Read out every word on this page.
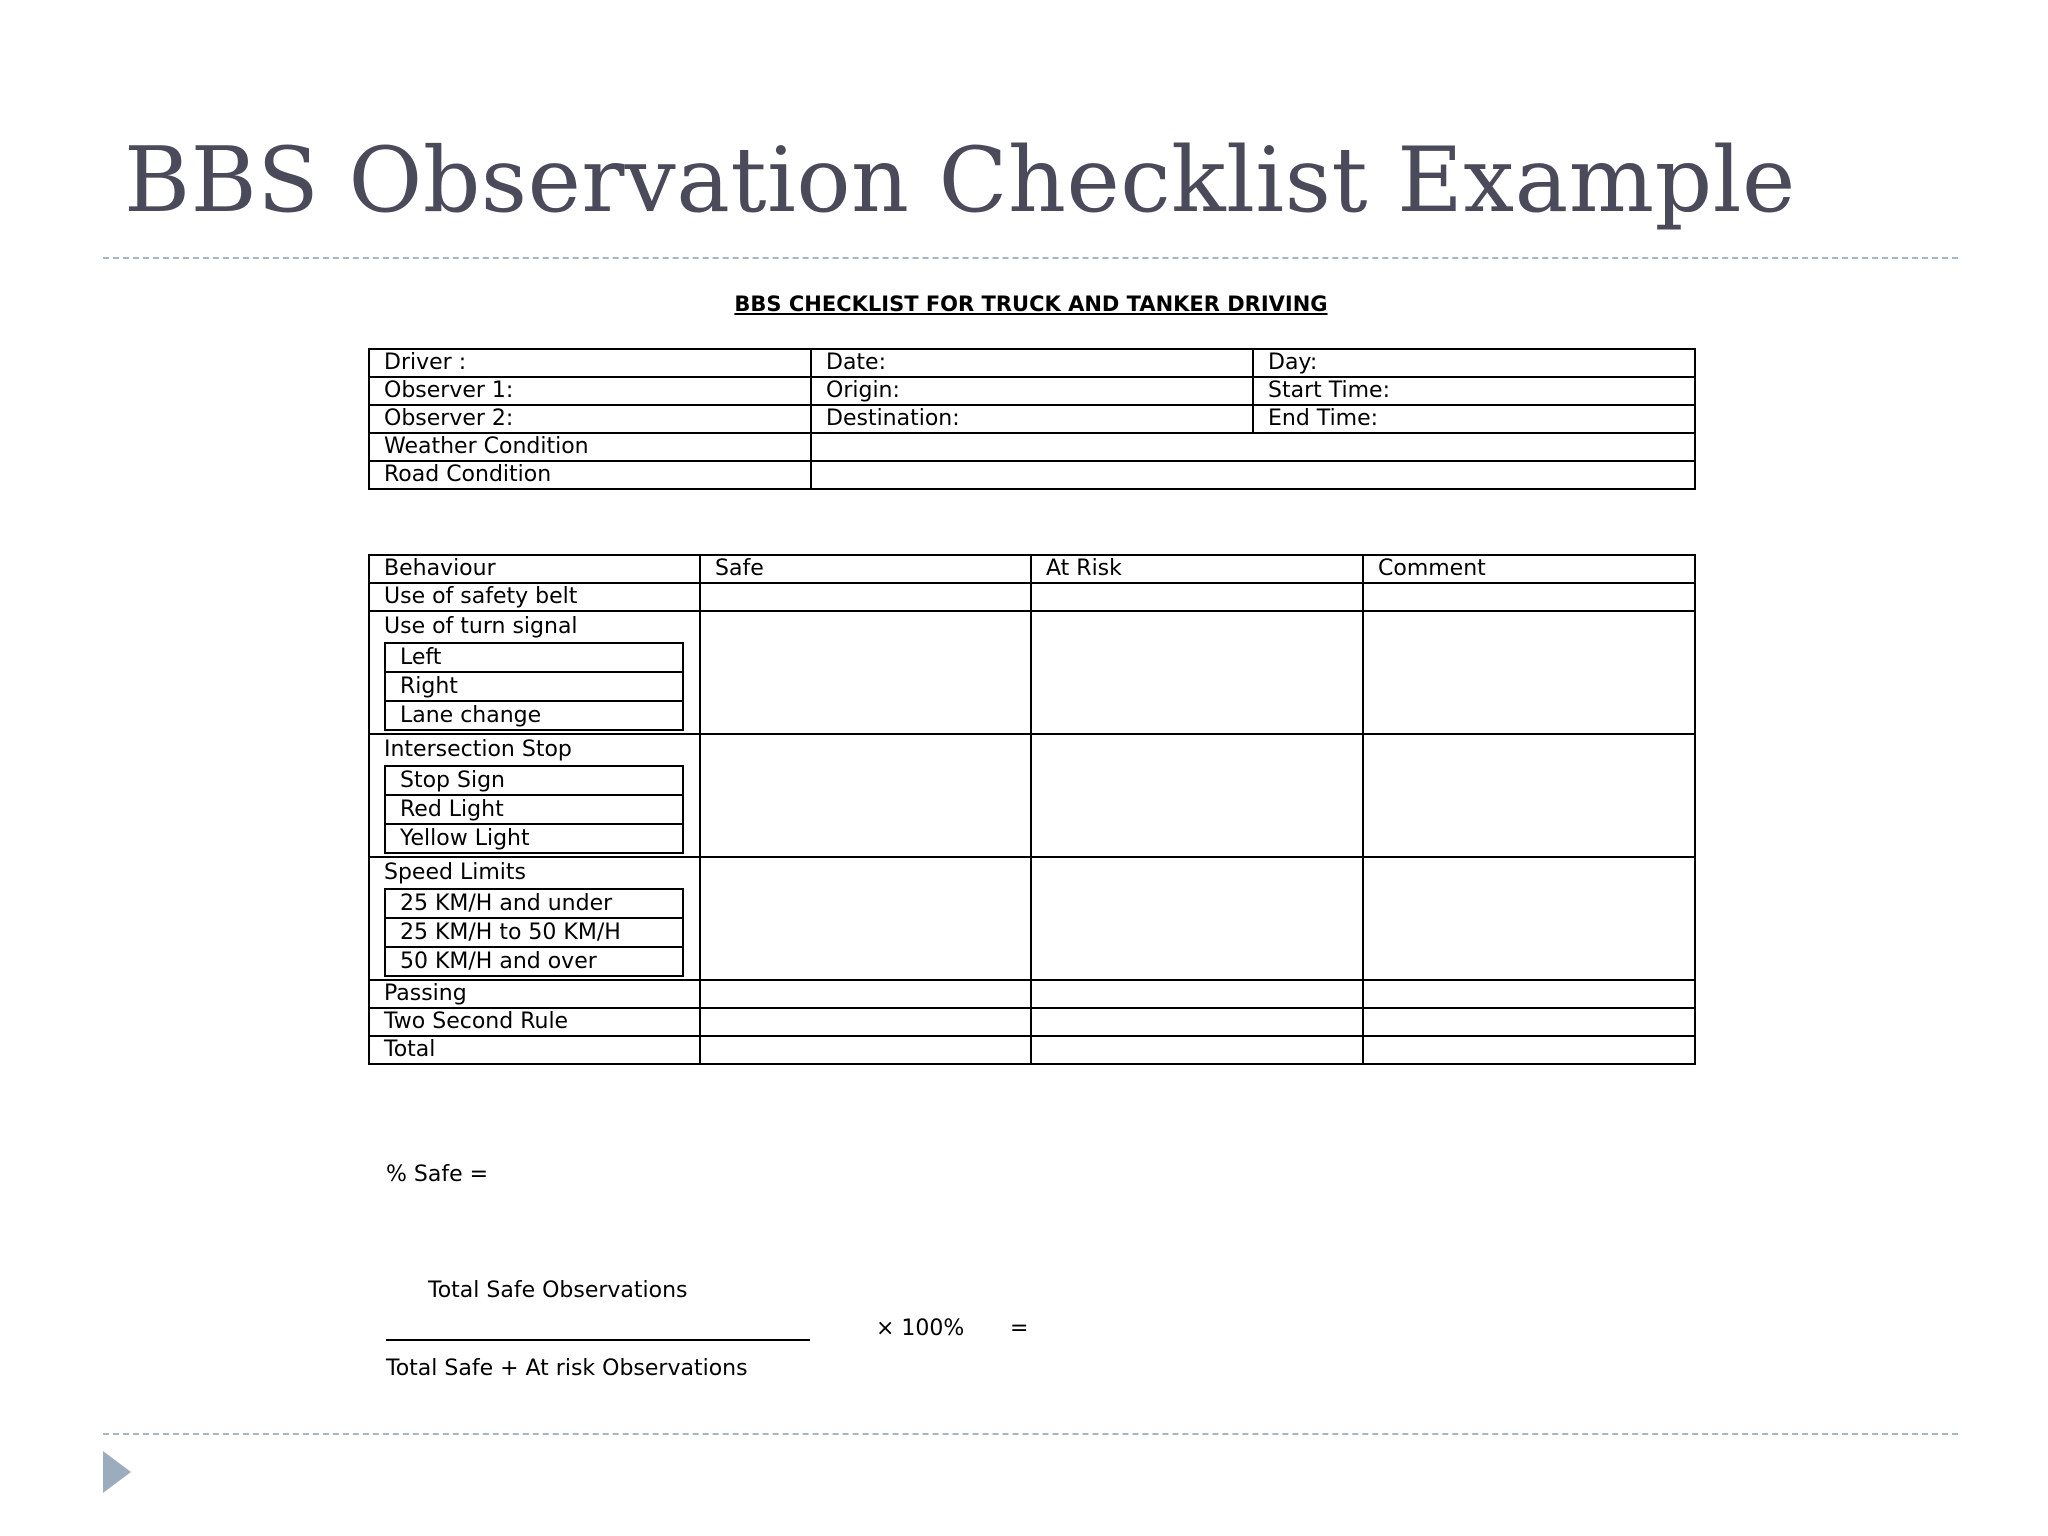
BBS Observation Checklist Example
BBS CHECKLIST FOR TRUCK AND TANKER DRIVING
Driver :	Date:	Day:
Observer 1:	Origin:	Start Time:
Observer 2:	Destination:	End Time:
Weather Condition		
Road Condition		
Behaviour	Safe	At Risk	Comment
Use of safety belt			

Use of turn signal
Left
Right
Lane change

Intersection Stop
Stop Sign
Red Light
Yellow Light

Speed Limits
25 KM/H and under
25 KM/H to 50 KM/H
50 KM/H and over

Passing			
Two Second Rule			
Total			
% Safe =
Total Safe Observations
× 100% =
Total Safe + At risk Observations
